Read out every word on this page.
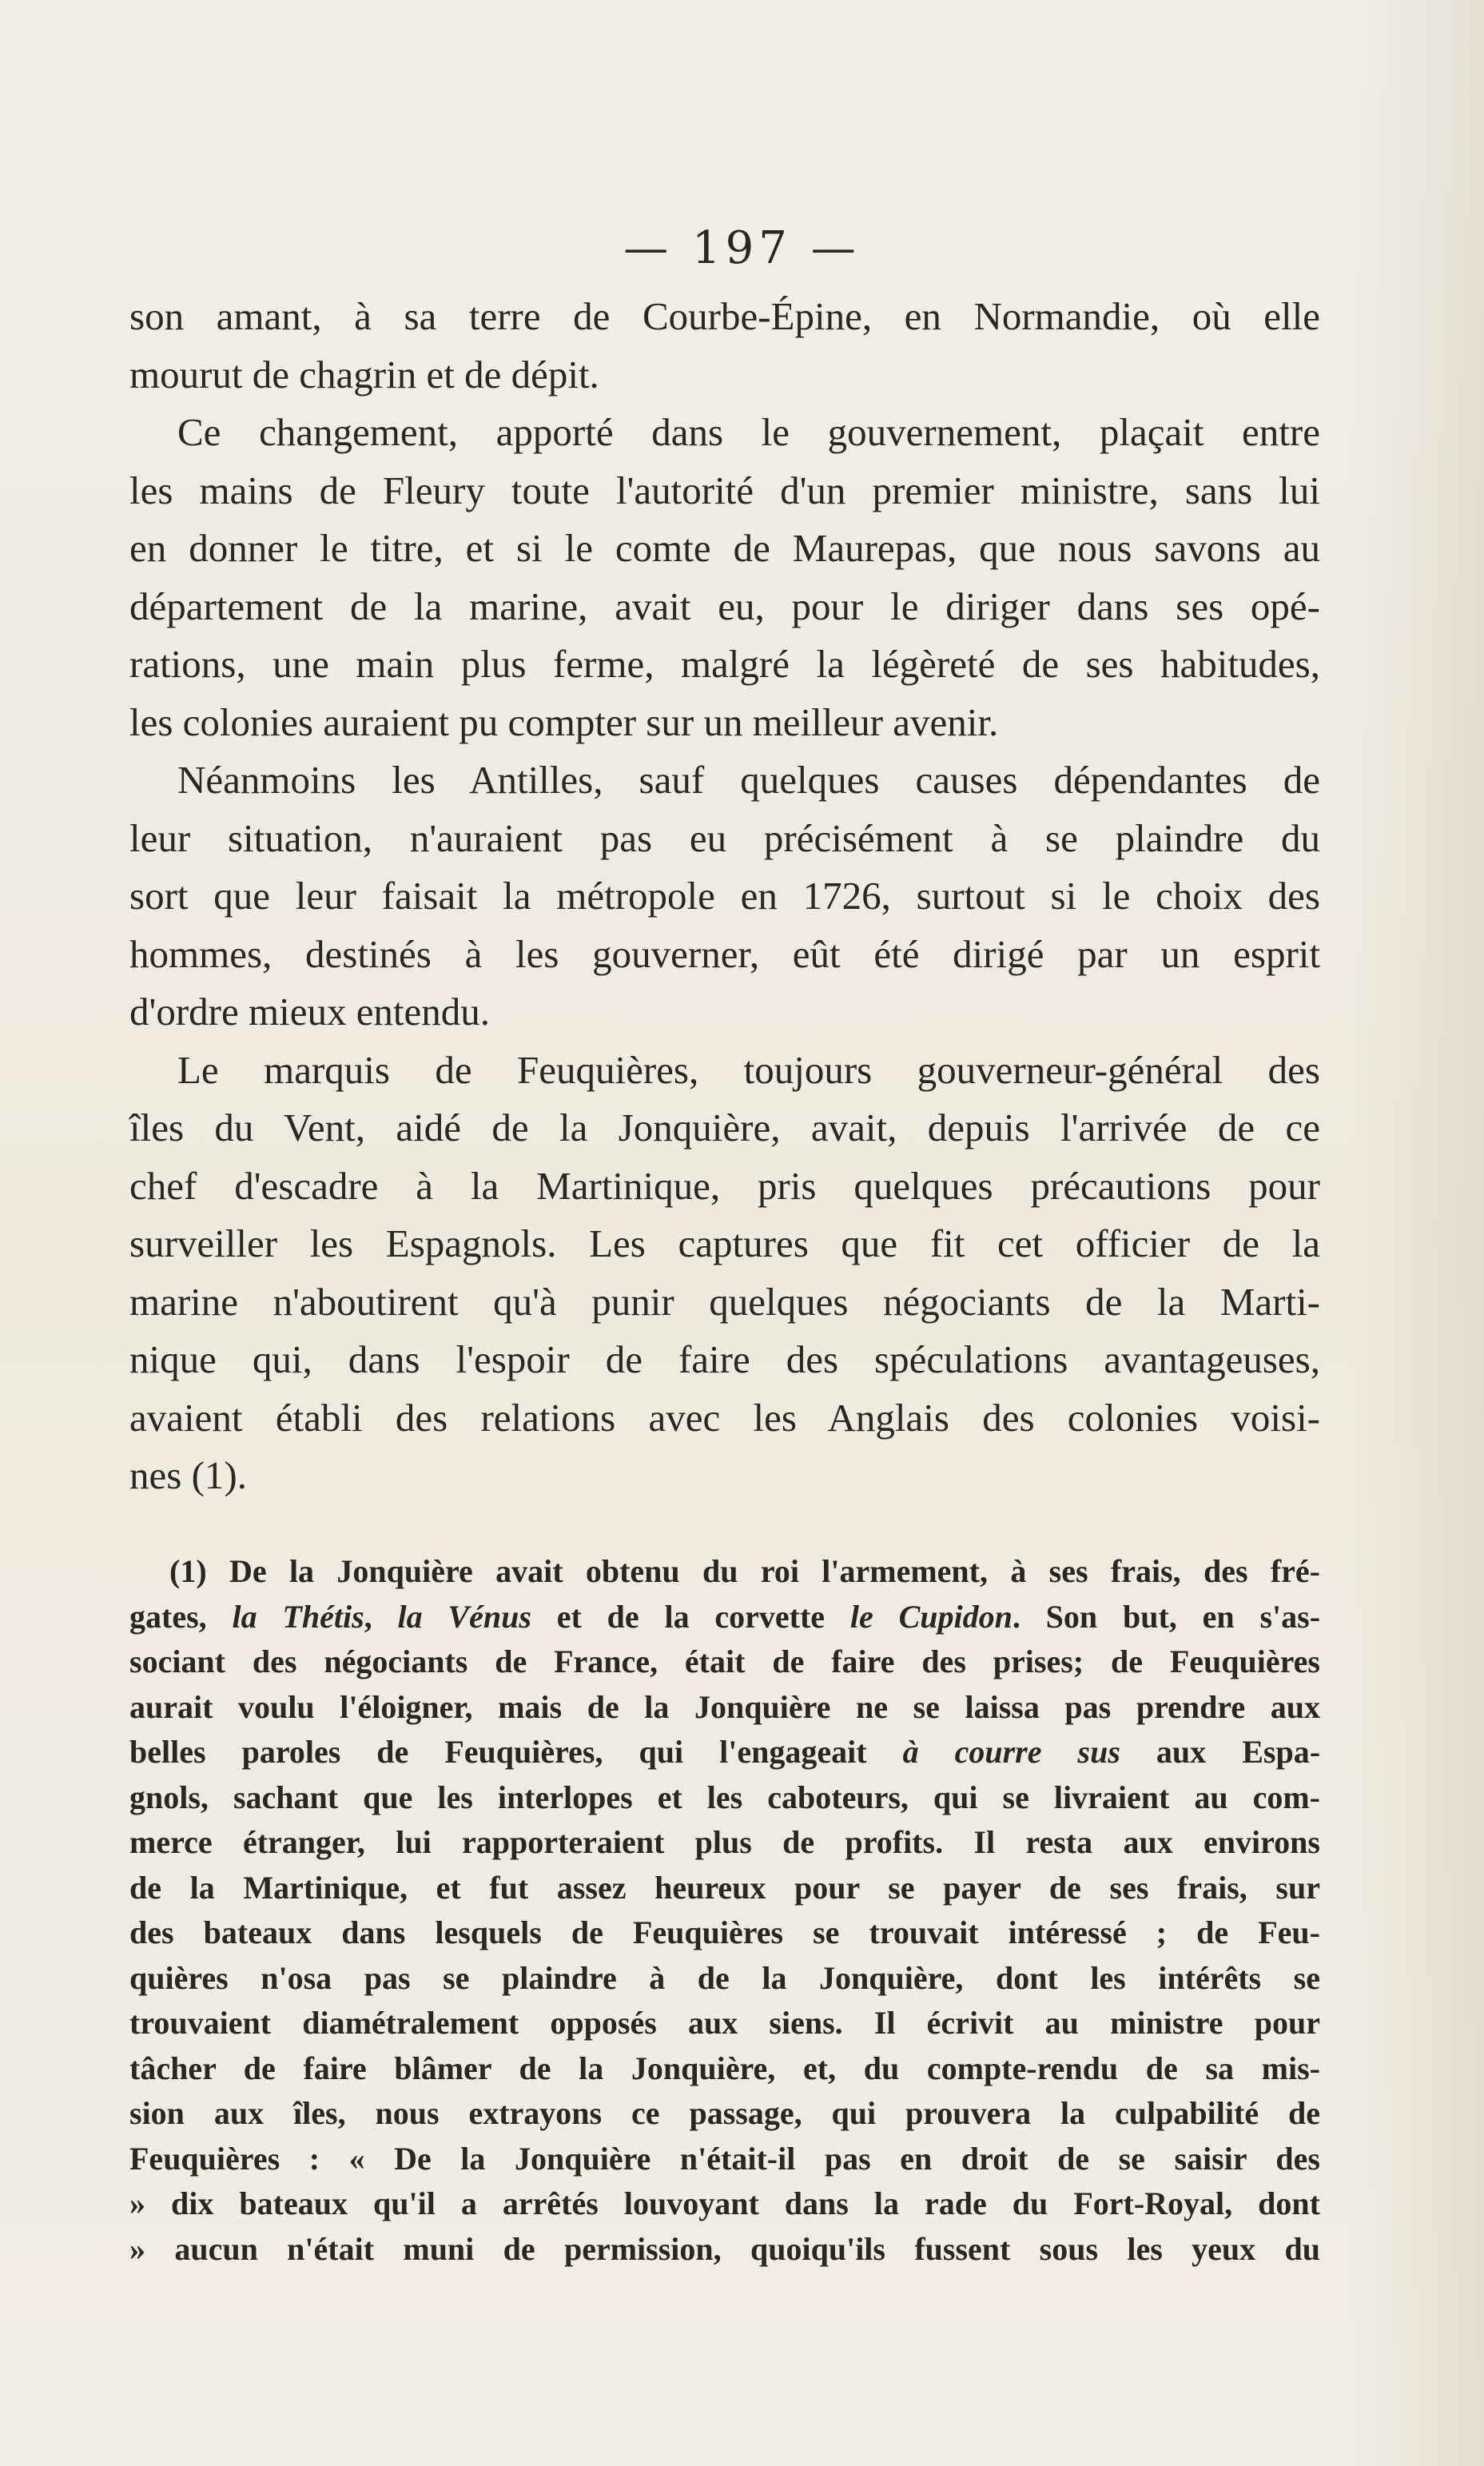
— 197 —
son amant, à sa terre de Courbe-Épine, en Normandie, où elle
mourut de chagrin et de dépit.
Ce changement, apporté dans le gouvernement, plaçait entre
les mains de Fleury toute l'autorité d'un premier ministre, sans lui
en donner le titre, et si le comte de Maurepas, que nous savons au
département de la marine, avait eu, pour le diriger dans ses opé-
rations, une main plus ferme, malgré la légèreté de ses habitudes,
les colonies auraient pu compter sur un meilleur avenir.
Néanmoins les Antilles, sauf quelques causes dépendantes de
leur situation, n'auraient pas eu précisément à se plaindre du
sort que leur faisait la métropole en 1726, surtout si le choix des
hommes, destinés à les gouverner, eût été dirigé par un esprit
d'ordre mieux entendu.
Le marquis de Feuquières, toujours gouverneur-général des
îles du Vent, aidé de la Jonquière, avait, depuis l'arrivée de ce
chef d'escadre à la Martinique, pris quelques précautions pour
surveiller les Espagnols. Les captures que fit cet officier de la
marine n'aboutirent qu'à punir quelques négociants de la Marti-
nique qui, dans l'espoir de faire des spéculations avantageuses,
avaient établi des relations avec les Anglais des colonies voisi-
nes (1).
(1) De la Jonquière avait obtenu du roi l'armement, à ses frais, des fré-
gates, la Thétis, la Vénus et de la corvette le Cupidon. Son but, en s'as-
sociant des négociants de France, était de faire des prises; de Feuquières
aurait voulu l'éloigner, mais de la Jonquière ne se laissa pas prendre aux
belles paroles de Feuquières, qui l'engageait à courre sus aux Espa-
gnols, sachant que les interlopes et les caboteurs, qui se livraient au com-
merce étranger, lui rapporteraient plus de profits. Il resta aux environs
de la Martinique, et fut assez heureux pour se payer de ses frais, sur
des bateaux dans lesquels de Feuquières se trouvait intéressé ; de Feu-
quières n'osa pas se plaindre à de la Jonquière, dont les intérêts se
trouvaient diamétralement opposés aux siens. Il écrivit au ministre pour
tâcher de faire blâmer de la Jonquière, et, du compte-rendu de sa mis-
sion aux îles, nous extrayons ce passage, qui prouvera la culpabilité de
Feuquières : « De la Jonquière n'était-il pas en droit de se saisir des
» dix bateaux qu'il a arrêtés louvoyant dans la rade du Fort-Royal, dont
» aucun n'était muni de permission, quoiqu'ils fussent sous les yeux du
